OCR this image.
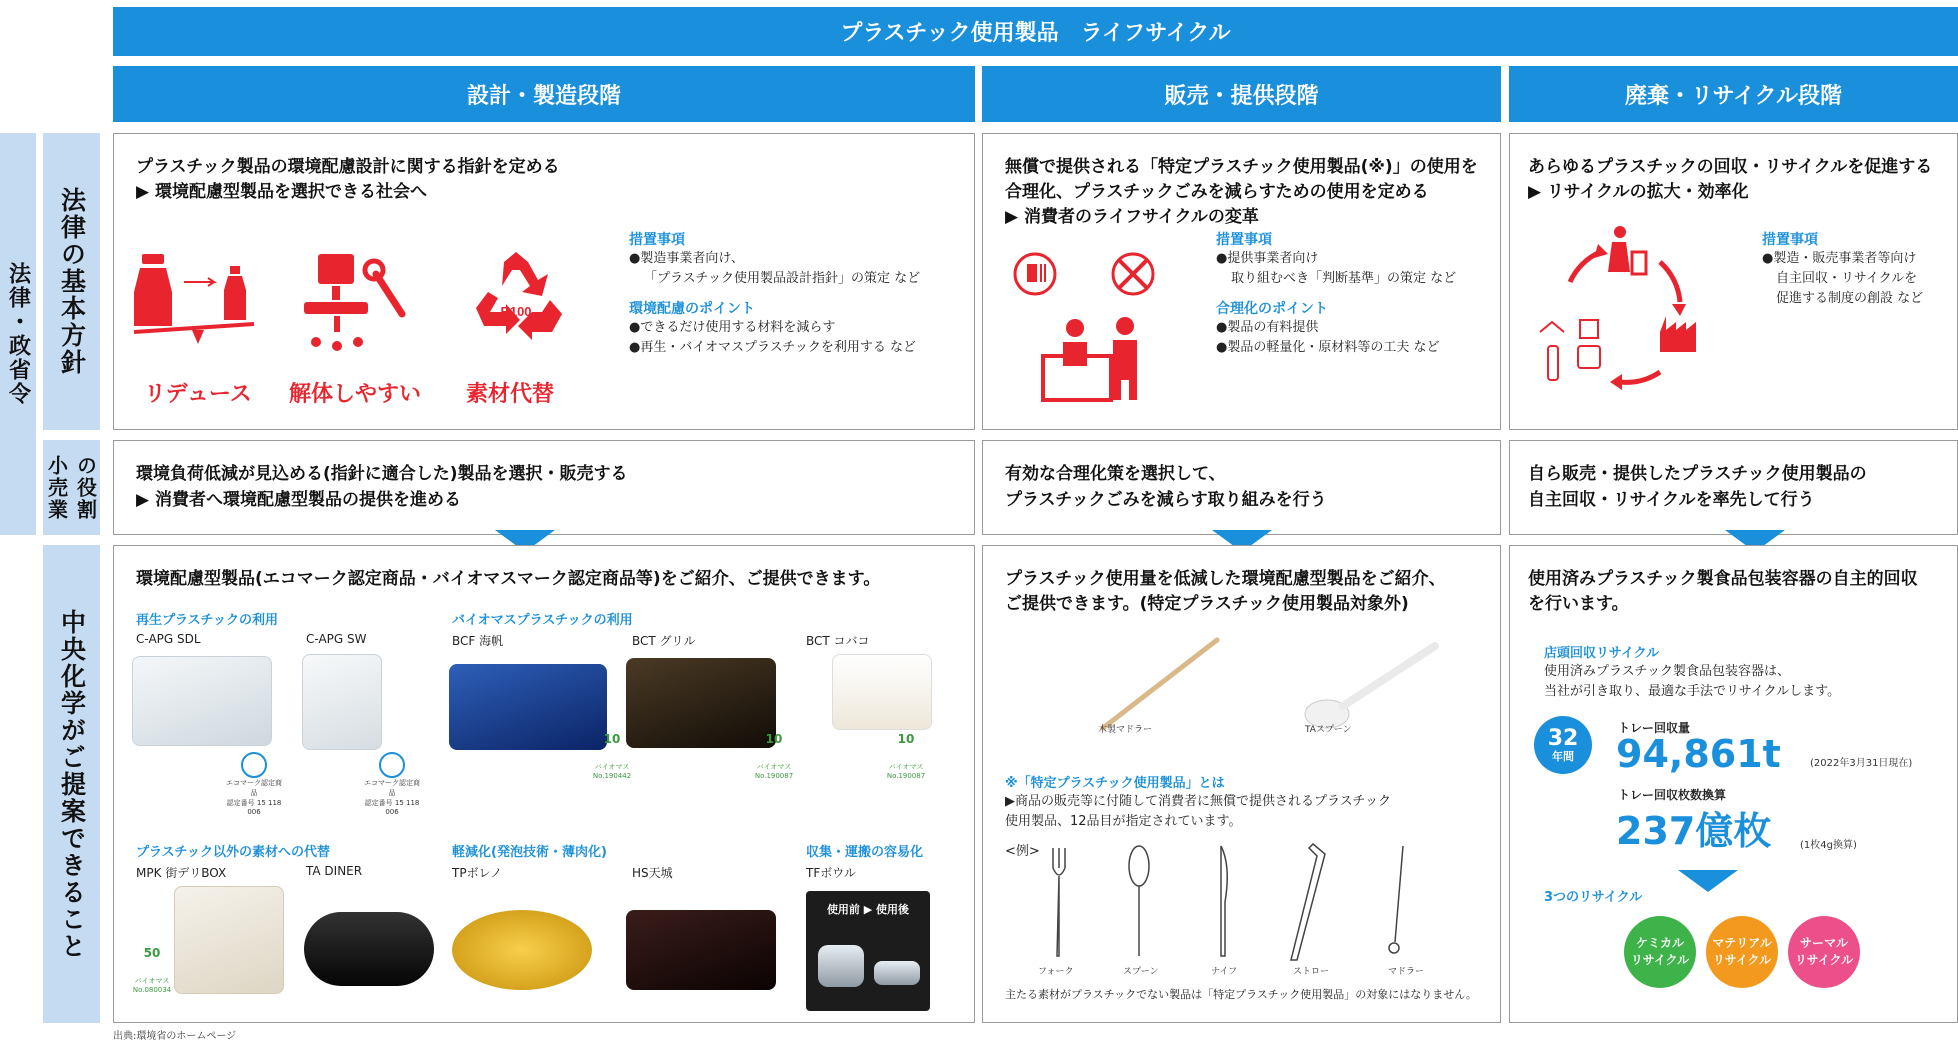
プラスチック使用製品　ライフサイクル
設計・製造段階	販売・提供段階	廃棄・リサイクル段階
法律・政省令 法律の基本方針
小売業 の役割
中央化学がご提案できること
プラスチック製品の環境配慮設計に関する指針を定める
▶ 環境配慮型製品を選択できる社会へ
リデュース 解体しやすい
R100
素材代替
措置事項
●製造事業者向け、
「プラスチック使用製品設計指針」の策定 など
環境配慮のポイント
●できるだけ使用する材料を減らす
●再生・バイオマスプラスチックを利用する など
無償で提供される「特定プラスチック使用製品(※)」の使用を
合理化、プラスチックごみを減らすための使用を定める
▶ 消費者のライフサイクルの変革
措置事項
●提供事業者向け
取り組むべき「判断基準」の策定 など
合理化のポイント
●製品の有料提供
●製品の軽量化・原材料等の工夫 など
あらゆるプラスチックの回収・リサイクルを促進する
▶ リサイクルの拡大・効率化
措置事項
●製造・販売事業者等向け
自主回収・リサイクルを
促進する制度の創設 など
環境負荷低減が見込める(指針に適合した)製品を選択・販売する
▶ 消費者へ環境配慮型製品の提供を進める
有効な合理化策を選択して、
プラスチックごみを減らす取り組みを行う
自ら販売・提供したプラスチック使用製品の
自主回収・リサイクルを率先して行う
環境配慮型製品(エコマーク認定商品・バイオマスマーク認定商品等)をご紹介、ご提供できます。
再生プラスチックの利用	バイオマスプラスチックの利用
C-APG SDL	C-APG SW	BCF 海帆	BCT グリル	BCT コバコ
エコマーク認定商品
認定番号 15 118 006
エコマーク認定商品
認定番号 15 118 006
10
バイオマス
No.190442
10
バイオマス
No.190087
10
バイオマス
No.190087
プラスチック以外の素材への代替	軽減化(発泡技術・薄肉化)	収集・運搬の容易化
MPK 街デリBOX	TA DINER	TPボレノ	HS天城	TFボウル
50
バイオマス
No.080034
使用前 ▶ 使用後
プラスチック使用量を低減した環境配慮型製品をご紹介、
ご提供できます。(特定プラスチック使用製品対象外)
木製マドラー	TAスプーン
※「特定プラスチック使用製品」とは
▶商品の販売等に付随して消費者に無償で提供されるプラスチック
使用製品、12品目が指定されています。
<例>
フォーク	スプーン	ナイフ	ストロー	マドラー
主たる素材がプラスチックでない製品は「特定プラスチック使用製品」の対象にはなりません。
使用済みプラスチック製食品包装容器の自主的回収
を行います。
店頭回収リサイクル
使用済みプラスチック製食品包装容器は、
当社が引き取り、最適な手法でリサイクルします。
32
年間
トレー回収量
94,861t	(2022年3月31日現在)
トレー回収枚数換算
237億枚	(1枚4g換算)
3つのリサイクル
ケミカル
リサイクル
マテリアル
リサイクル
サーマル
リサイクル
出典:環境省のホームページ
